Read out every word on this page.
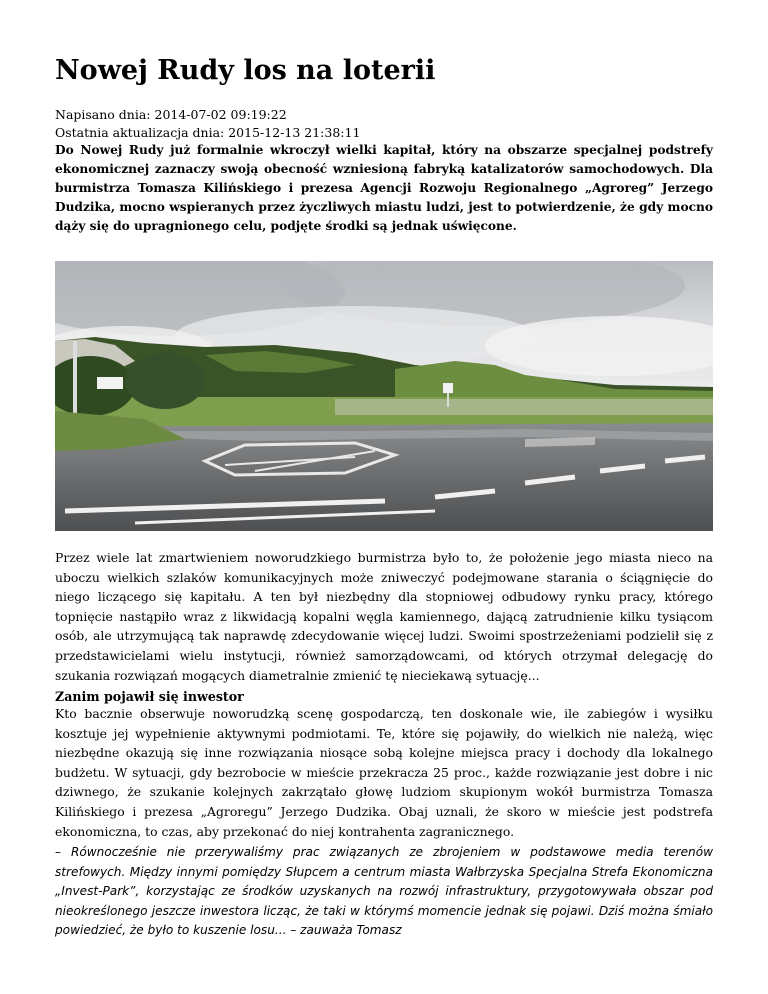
Nowej Rudy los na loterii
Napisano dnia: 2014-07-02 09:19:22
Ostatnia aktualizacja dnia: 2015-12-13 21:38:11

Do Nowej Rudy już formalnie wkroczył wielki kapitał, który na obszarze specjalnej podstrefy ekonomicznej zaznaczy swoją obecność wzniesioną fabryką katalizatorów samochodowych. Dla burmistrza Tomasza Kilińskiego i prezesa Agencji Rozwoju Regionalnego „Agroreg” Jerzego Dudzika, mocno wspieranych przez życzliwych miastu ludzi, jest to potwierdzenie, że gdy mocno dąży się do upragnionego celu, podjęte środki są jednak uświęcone.

Przez wiele lat zmartwieniem noworudzkiego burmistrza było to, że położenie jego miasta nieco na uboczu wielkich szlaków komunikacyjnych może zniweczyć podejmowane starania o ściągnięcie do niego liczącego się kapitału. A ten był niezbędny dla stopniowej odbudowy rynku pracy, którego topnięcie nastąpiło wraz z likwidacją kopalni węgla kamiennego, dającą zatrudnienie kilku tysiącom osób, ale utrzymującą tak naprawdę zdecydowanie więcej ludzi. Swoimi spostrzeżeniami podzielił się z przedstawicielami wielu instytucji, również samorządowcami, od których otrzymał delegację do szukania rozwiązań mogących diametralnie zmienić tę nieciekawą sytuację...

Zanim pojawił się inwestor

Kto bacznie obserwuje noworudzką scenę gospodarczą, ten doskonale wie, ile zabiegów i wysiłku kosztuje jej wypełnienie aktywnymi podmiotami. Te, które się pojawiły, do wielkich nie należą, więc niezbędne okazują się inne rozwiązania niosące sobą kolejne miejsca pracy i dochody dla lokalnego budżetu. W sytuacji, gdy bezrobocie w mieście przekracza 25 proc., każde rozwiązanie jest dobre i nic dziwnego, że szukanie kolejnych zakrzątało głowę ludziom skupionym wokół burmistrza Tomasza Kilińskiego i prezesa „Agroregu” Jerzego Dudzika. Obaj uznali, że skoro w mieście jest podstrefa ekonomiczna, to czas, aby przekonać do niej kontrahenta zagranicznego.

– Równocześnie nie przerywaliśmy prac związanych ze zbrojeniem w podstawowe media terenów strefowych. Między innymi pomiędzy Słupcem a centrum miasta Wałbrzyska Specjalna Strefa Ekonomiczna „Invest-Park”, korzystając ze środków uzyskanych na rozwój infrastruktury, przygotowywała obszar pod nieokreślonego jeszcze inwestora licząc, że taki w którymś momencie jednak się pojawi. Dziś można śmiało powiedzieć, że było to kuszenie losu... – zauważa Tomasz
